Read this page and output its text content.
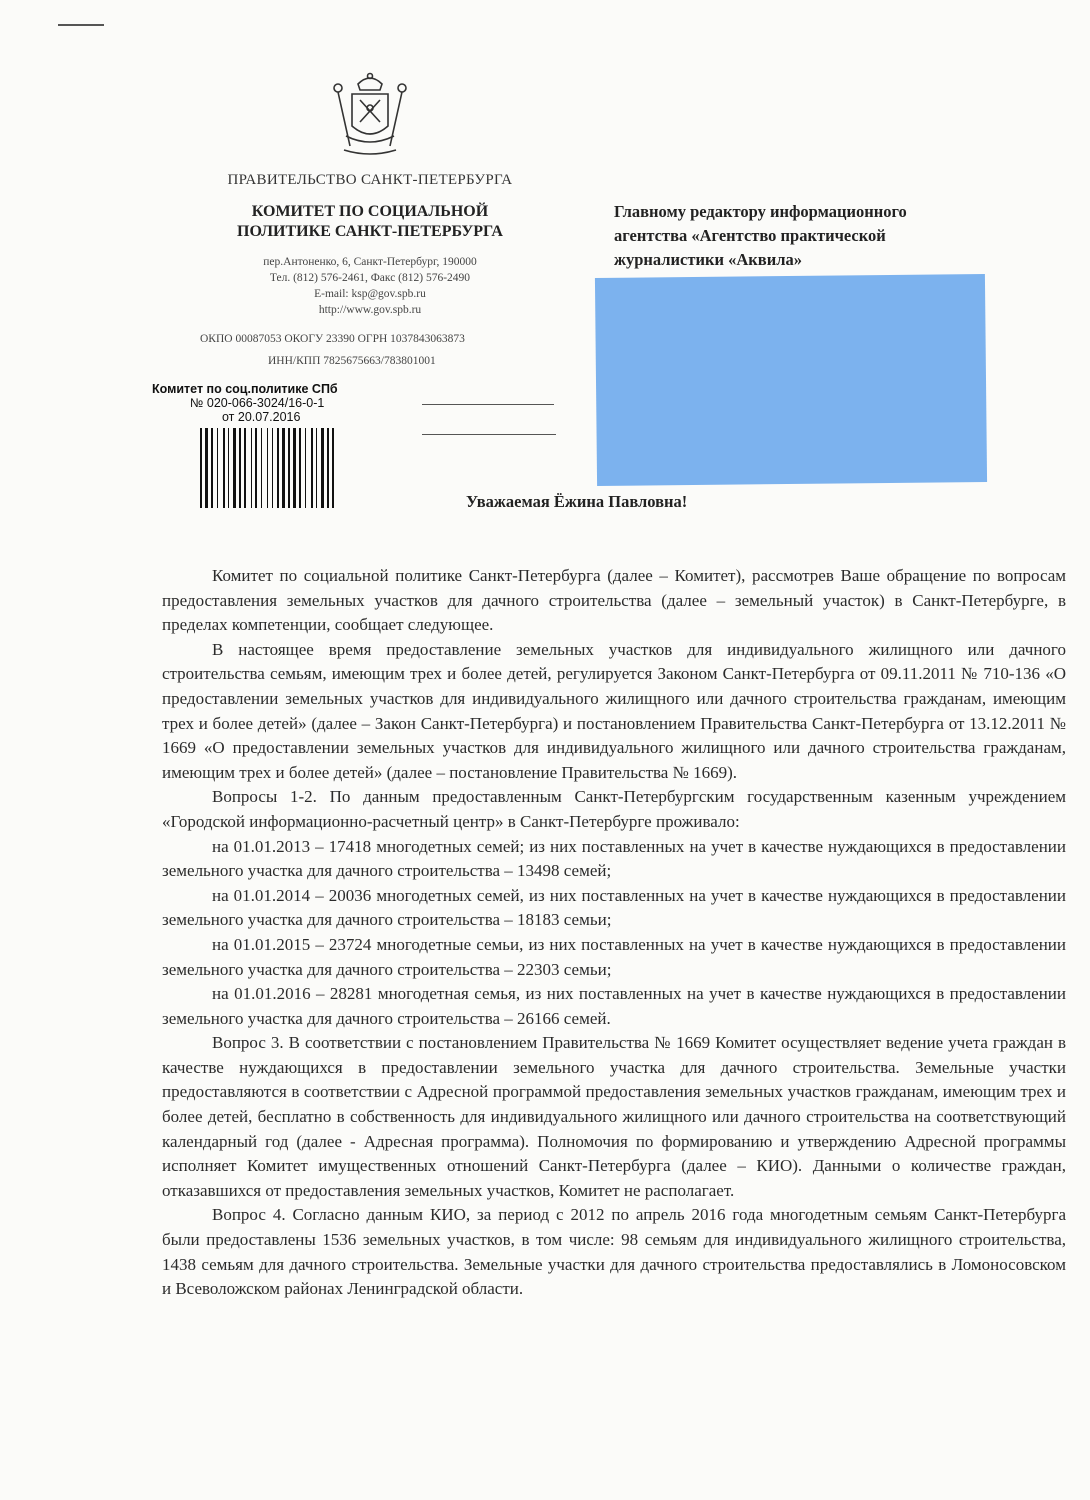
ПРАВИТЕЛЬСТВО САНКТ-ПЕТЕРБУРГА
КОМИТЕТ ПО СОЦИАЛЬНОЙ
ПОЛИТИКЕ САНКТ-ПЕТЕРБУРГА
пер.Антоненко, 6, Санкт-Петербург, 190000
Тел. (812) 576-2461, Факс (812) 576-2490
E-mail: ksp@gov.spb.ru
http://www.gov.spb.ru
ОКПО 00087053 ОКОГУ 23390 ОГРН 1037843063873
ИНН/КПП 7825675663/783801001
Комитет по соц.политике СПб
№ 020-066-3024/16-0-1
от 20.07.2016
Главному редактору информационного
агентства «Агентство практической
журналистики «Аквила»
Уважаемая Ёжина Павловна!

Комитет по социальной политике Санкт-Петербурга (далее – Комитет), рассмотрев Ваше обращение по вопросам предоставления земельных участков для дачного строительства (далее – земельный участок) в Санкт-Петербурге, в пределах компетенции, сообщает следующее.

В настоящее время предоставление земельных участков для индивидуального жилищного или дачного строительства семьям, имеющим трех и более детей, регулируется Законом Санкт-Петербурга от 09.11.2011 № 710-136 «О предоставлении земельных участков для индивидуального жилищного или дачного строительства гражданам, имеющим трех и более детей» (далее – Закон Санкт-Петербурга) и постановлением Правительства Санкт-Петербурга от 13.12.2011 № 1669 «О предоставлении земельных участков для индивидуального жилищного или дачного строительства гражданам, имеющим трех и более детей» (далее – постановление Правительства № 1669).

Вопросы 1-2. По данным предоставленным Санкт-Петербургским государственным казенным учреждением «Городской информационно-расчетный центр» в Санкт-Петербурге проживало:

на 01.01.2013 – 17418 многодетных семей; из них поставленных на учет в качестве нуждающихся в предоставлении земельного участка для дачного строительства – 13498 семей;

на 01.01.2014 – 20036 многодетных семей, из них поставленных на учет в качестве нуждающихся в предоставлении земельного участка для дачного строительства – 18183 семьи;

на 01.01.2015 – 23724 многодетные семьи, из них поставленных на учет в качестве нуждающихся в предоставлении земельного участка для дачного строительства – 22303 семьи;

на 01.01.2016 – 28281 многодетная семья, из них поставленных на учет в качестве нуждающихся в предоставлении земельного участка для дачного строительства – 26166 семей.

Вопрос 3. В соответствии с постановлением Правительства № 1669 Комитет осуществляет ведение учета граждан в качестве нуждающихся в предоставлении земельного участка для дачного строительства. Земельные участки предоставляются в соответствии с Адресной программой предоставления земельных участков гражданам, имеющим трех и более детей, бесплатно в собственность для индивидуального жилищного или дачного строительства на соответствующий календарный год (далее - Адресная программа). Полномочия по формированию и утверждению Адресной программы исполняет Комитет имущественных отношений Санкт-Петербурга (далее – КИО). Данными о количестве граждан, отказавшихся от предоставления земельных участков, Комитет не располагает.

Вопрос 4. Согласно данным КИО, за период с 2012 по апрель 2016 года многодетным семьям Санкт-Петербурга были предоставлены 1536 земельных участков, в том числе: 98 семьям для индивидуального жилищного строительства, 1438 семьям для дачного строительства. Земельные участки для дачного строительства предоставлялись в Ломоносовском и Всеволожском районах Ленинградской области.
